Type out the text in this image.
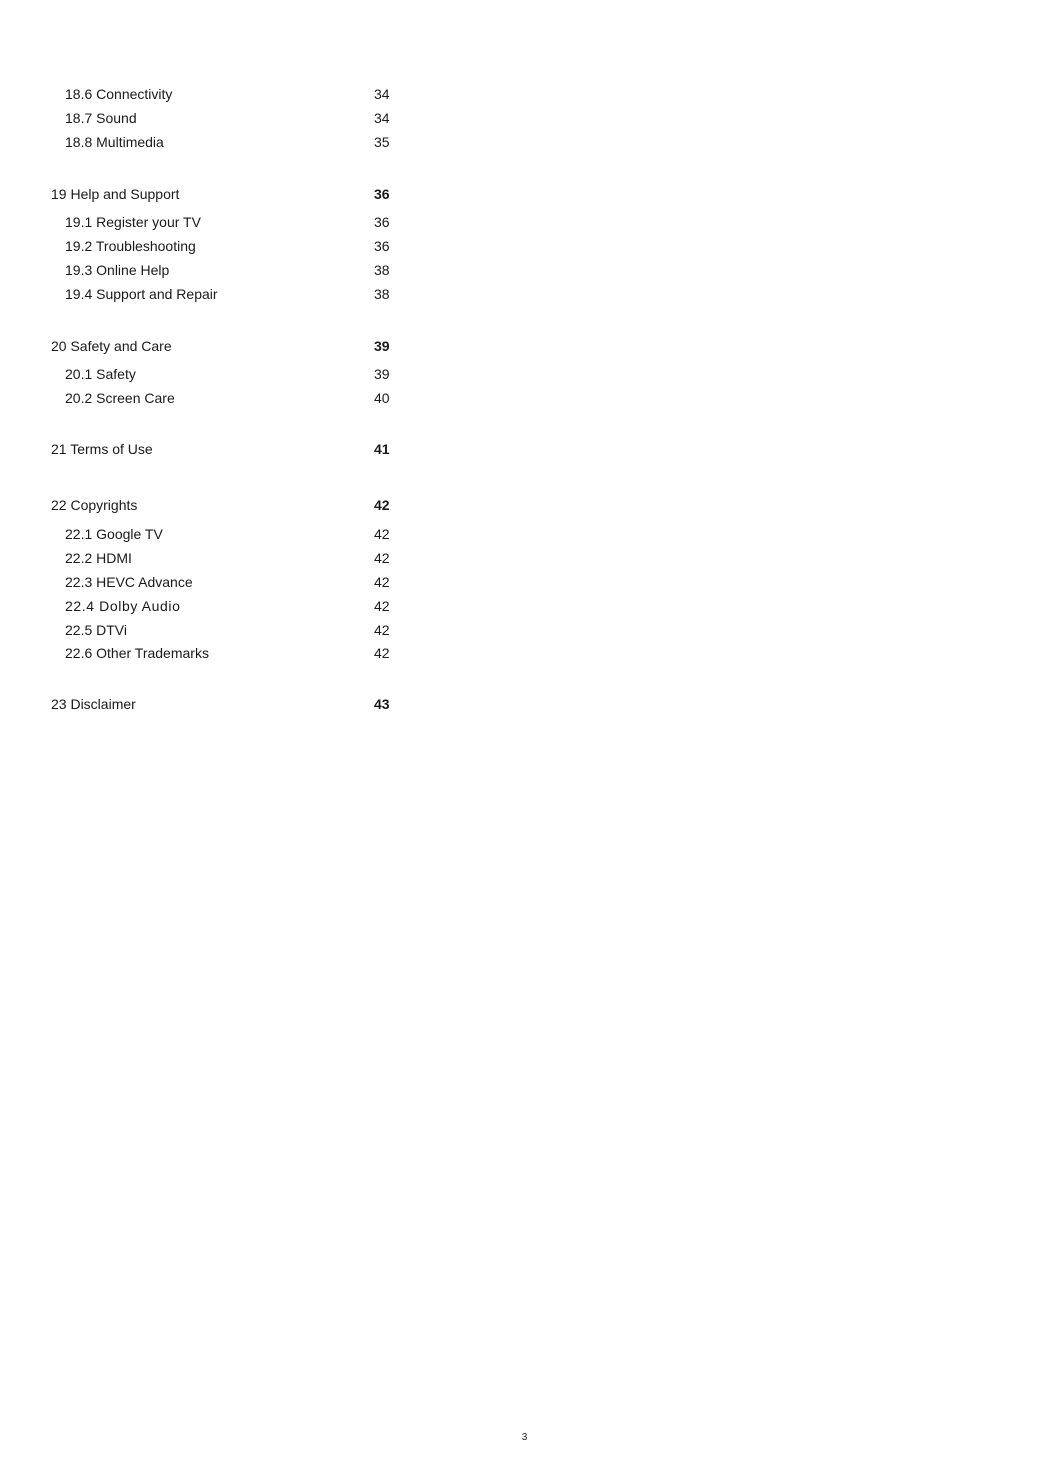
18.6 Connectivity	34
18.7 Sound	34
18.8 Multimedia	35
19 Help and Support	36
19.1 Register your TV	36
19.2 Troubleshooting	36
19.3 Online Help	38
19.4 Support and Repair	38
20 Safety and Care	39
20.1 Safety	39
20.2 Screen Care	40
21 Terms of Use	41
22 Copyrights	42
22.1 Google TV	42
22.2 HDMI	42
22.3 HEVC Advance	42
22.4 Dolby Audio	42
22.5 DTVi	42
22.6 Other Trademarks	42
23 Disclaimer	43
3
